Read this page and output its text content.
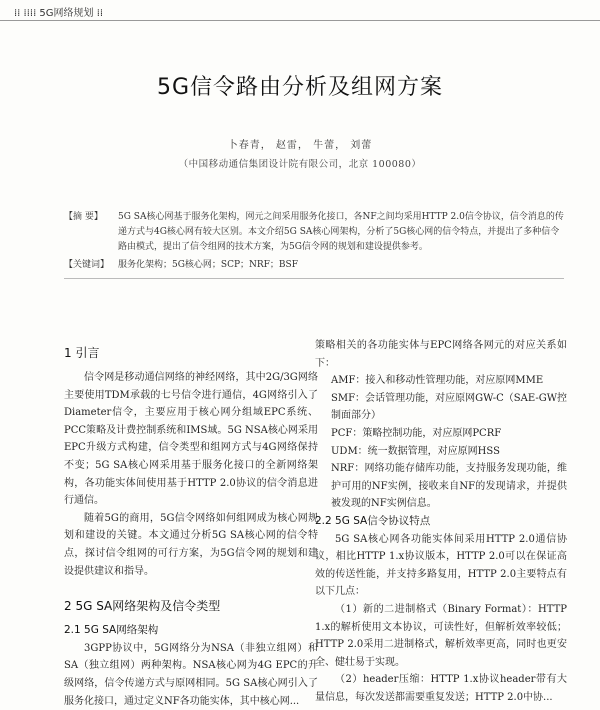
⁞⁞ ⁞⁞⁞⁞ 5G网络规划 ⁞⁞
5G信令路由分析及组网方案
卜春青， 赵雷， 牛蕾， 刘蕾
（中国移动通信集团设计院有限公司，北京 100080）
【摘 要】	5G SA核心网基于服务化架构，网元之间采用服务化接口，各NF之间均采用HTTP 2.0信令协议，信令消息的传递方式与4G核心网有较大区别。本文介绍5G SA核心网架构，分析了5G核心网的信令特点，并提出了多种信令路由模式，提出了信令组网的技术方案，为5G信令网的规划和建设提供参考。
【关键词】 服务化架构；5G核心网；SCP；NRF；BSF
1 引言

信令网是移动通信网络的神经网络，其中2G/3G网络主要使用TDM承载的七号信令进行通信，4G网络引入了Diameter信令，主要应用于核心网分组域EPC系统、PCC策略及计费控制系统和IMS域。5G NSA核心网采用EPC升级方式构建，信令类型和组网方式与4G网络保持不变；5G SA核心网采用基于服务化接口的全新网络架构，各功能实体间使用基于HTTP 2.0协议的信令消息进行通信。

随着5G的商用，5G信令网络如何组网成为核心网规划和建设的关键。本文通过分析5G SA核心网的信令特点，探讨信令组网的可行方案，为5G信令网的规划和建设提供建议和指导。

2 5G SA网络架构及信令类型
2.1 5G SA网络架构

3GPP协议中，5G网络分为NSA（非独立组网）和SA（独立组网）两种架构。NSA核心网为4G EPC的升级网络，信令传递方式与原网相同。5G SA核心网引入了服务化接口，通过定义NF各功能实体，其中核心网...

策略相关的各功能实体与EPC网络各网元的对应关系如下：

AMF：接入和移动性管理功能，对应原网MME

SMF：会话管理功能，对应原网GW-C（SAE-GW控制面部分）

PCF：策略控制功能，对应原网PCRF

UDM：统一数据管理，对应原网HSS

NRF：网络功能存储库功能，支持服务发现功能，维护可用的NF实例，接收来自NF的发现请求，并提供被发现的NF实例信息。

2.2 5G SA信令协议特点

5G SA核心网各功能实体间采用HTTP 2.0通信协议，相比HTTP 1.x协议版本，HTTP 2.0可以在保证高效的传送性能，并支持多路复用，HTTP 2.0主要特点有以下几点：

（1）新的二进制格式（Binary Format）：HTTP 1.x的解析使用文本协议，可读性好，但解析效率较低；HTTP 2.0采用二进制格式，解析效率更高，同时也更安全、健壮易于实现。

（2）header压缩：HTTP 1.x协议header带有大量信息，每次发送都需要重复发送；HTTP 2.0中协...
